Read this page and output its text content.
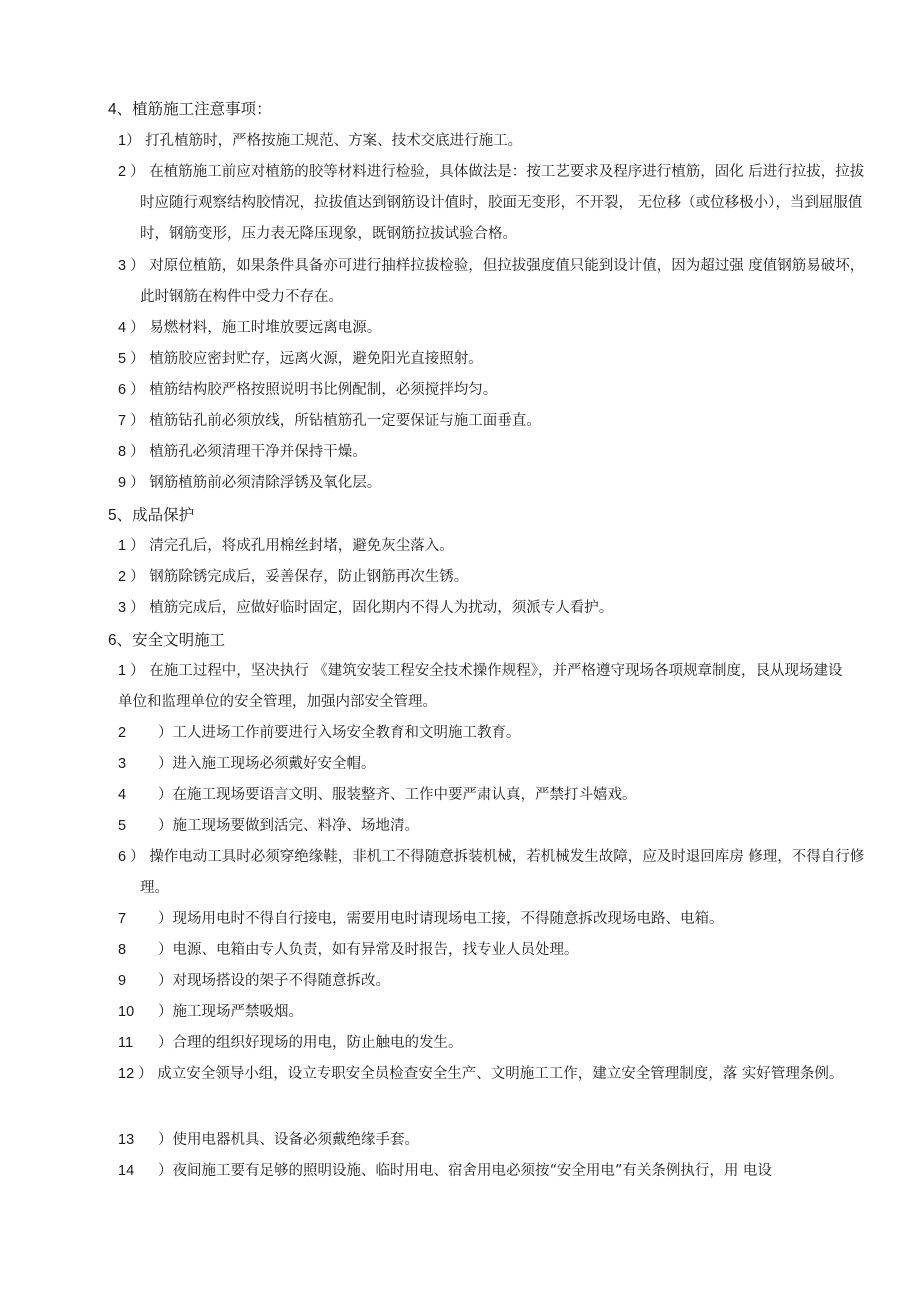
4、植筋施工注意事项：
1） 打孔植筋时，严格按施工规范、方案、技术交底进行施工。
2 ） 在植筋施工前应对植筋的胶等材料进行检验，具体做法是：按工艺要求及程序进行植筋，固化 后进行拉拔，拉拔时应随行观察结构胶情况，拉拔值达到钢筋设计值时，胶面无变形，不开裂， 无位移（或位移极小），当到屈服值时，钢筋变形，压力表无降压现象，既钢筋拉拔试验合格。
3 ） 对原位植筋，如果条件具备亦可进行抽样拉拔检验，但拉拔强度值只能到设计值，因为超过强 度值钢筋易破坏，此时钢筋在构件中受力不存在。
4 ） 易燃材料，施工时堆放要远离电源。
5 ） 植筋胶应密封贮存，远离火源，避免阳光直接照射。
6 ） 植筋结构胶严格按照说明书比例配制，必须搅拌均匀。
7 ） 植筋钻孔前必须放线，所钻植筋孔一定要保证与施工面垂直。
8 ） 植筋孔必须清理干净并保持干燥。
9 ） 钢筋植筋前必须清除浮锈及氧化层。
5、成品保护
1 ） 清完孔后，将成孔用棉丝封堵，避免灰尘落入。
2 ） 钢筋除锈完成后，妥善保存，防止钢筋再次生锈。
3 ） 植筋完成后，应做好临时固定，固化期内不得人为扰动，须派专人看护。
6、安全文明施工
1 ） 在施工过程中，坚决执行 《建筑安装工程安全技术操作规程》，并严格遵守现场各项规章制度，艮从现场建设单位和监理单位的安全管理，加强内部安全管理。
2 ）工人进场工作前要进行入场安全教育和文明施工教育。
3 ）进入施工现场必须戴好安全帽。
4 ）在施工现场要语言文明、服装整齐、工作中要严肃认真，严禁打斗嬉戏。
5 ）施工现场要做到活完、料净、场地清。
6 ） 操作电动工具时必须穿绝缘鞋，非机工不得随意拆装机械，若机械发生故障，应及时退回库房 修理，不得自行修理。
7 ）现场用电时不得自行接电，需要用电时请现场电工接，不得随意拆改现场电路、电箱。
8 ）电源、电箱由专人负责，如有异常及时报告，找专业人员处理。
9 ）对现场搭设的架子不得随意拆改。
10 ）施工现场严禁吸烟。
11 ）合理的组织好现场的用电，防止触电的发生。
12 ） 成立安全领导小组，设立专职安全员检查安全生产、文明施工工作，建立安全管理制度，落 实好管理条例。
13 ）使用电器机具、设备必须戴绝缘手套。
14 ）夜间施工要有足够的照明设施、临时用电、宿舍用电必须按“安全用电”有关条例执行，用 电设
